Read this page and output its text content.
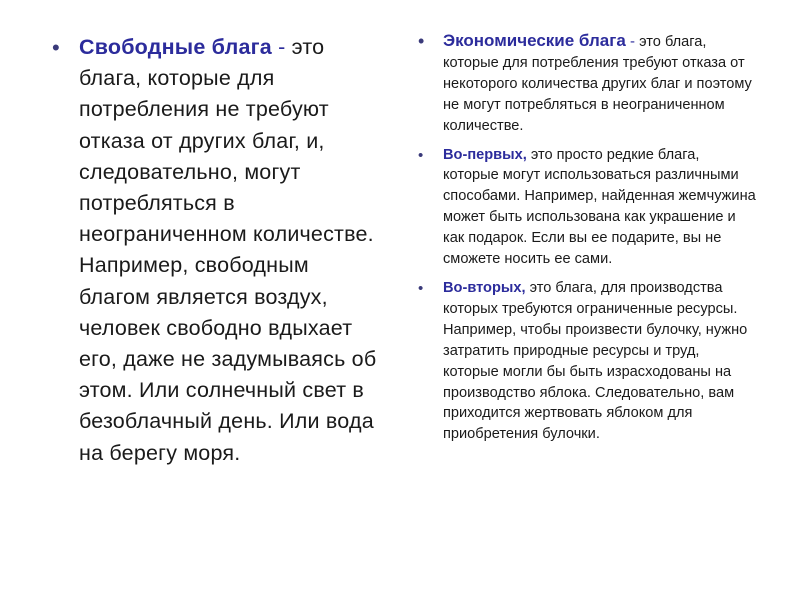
• Свободные блага - это блага, которые для потребления не требуют отказа от других благ, и, следовательно, могут потребляться в неограниченном количестве. Например, свободным благом является воздух, человек свободно вдыхает его, даже не задумываясь об этом. Или солнечный свет в безоблачный день. Или вода на берегу моря.
• Экономические блага - это блага, которые для потребления требуют отказа от некоторого количества других благ и поэтому не могут потребляться в неограниченном количестве.
• Во-первых, это просто редкие блага, которые могут использоваться различными способами. Например, найденная жемчужина может быть использована как украшение и как подарок. Если вы ее подарите, вы не сможете носить ее сами.
• Во-вторых, это блага, для производства которых требуются ограниченные ресурсы. Например, чтобы произвести булочку, нужно затратить природные ресурсы и труд, которые могли бы быть израсходованы на производство яблока. Следовательно, вам приходится жертвовать яблоком для приобретения булочки.
